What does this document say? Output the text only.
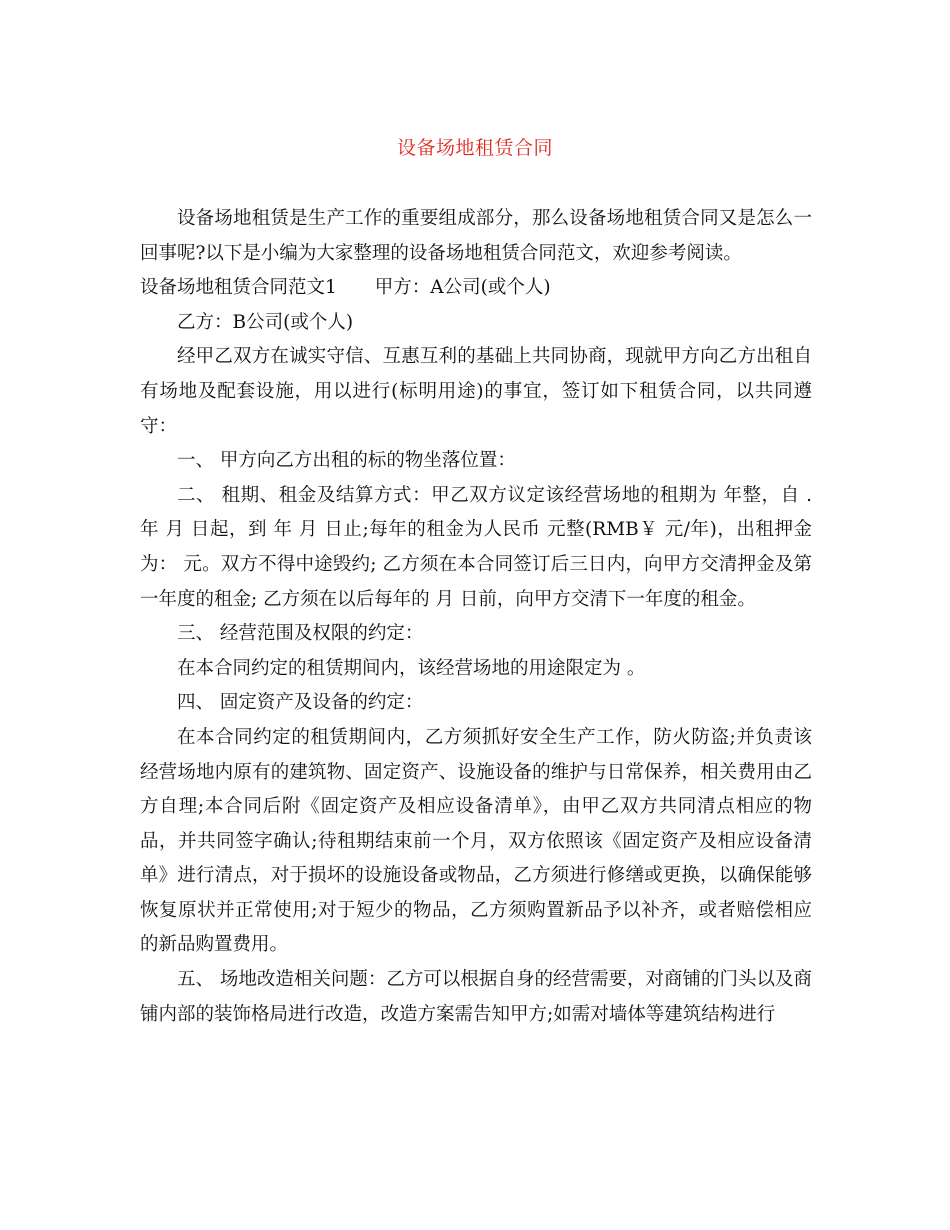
设备场地租赁合同

设备场地租赁是生产工作的重要组成部分，那么设备场地租赁合同又是怎么一回事呢?以下是小编为大家整理的设备场地租赁合同范文，欢迎参考阅读。

设备场地租赁合同范文1 甲方：A公司(或个人)

乙方：B公司(或个人)

经甲乙双方在诚实守信、互惠互利的基础上共同协商，现就甲方向乙方出租自有场地及配套设施，用以进行(标明用途)的事宜，签订如下租赁合同，以共同遵守：

一、 甲方向乙方出租的标的物坐落位置：

二、 租期、租金及结算方式：甲乙双方议定该经营场地的租期为 年整，自 . 年 月 日起，到 年 月 日止;每年的租金为人民币 元整(RMB￥ 元/年)，出租押金为： 元。双方不得中途毁约; 乙方须在本合同签订后三日内，向甲方交清押金及第一年度的租金; 乙方须在以后每年的 月 日前，向甲方交清下一年度的租金。

三、 经营范围及权限的约定：

在本合同约定的租赁期间内，该经营场地的用途限定为 。

四、 固定资产及设备的约定：

在本合同约定的租赁期间内，乙方须抓好安全生产工作，防火防盗;并负责该经营场地内原有的建筑物、固定资产、设施设备的维护与日常保养，相关费用由乙方自理;本合同后附《固定资产及相应设备清单》，由甲乙双方共同清点相应的物品，并共同签字确认;待租期结束前一个月，双方依照该《固定资产及相应设备清单》进行清点，对于损坏的设施设备或物品，乙方须进行修缮或更换，以确保能够恢复原状并正常使用;对于短少的物品，乙方须购置新品予以补齐，或者赔偿相应的新品购置费用。

五、 场地改造相关问题：乙方可以根据自身的经营需要，对商铺的门头以及商铺内部的装饰格局进行改造，改造方案需告知甲方;如需对墙体等建筑结构进行
